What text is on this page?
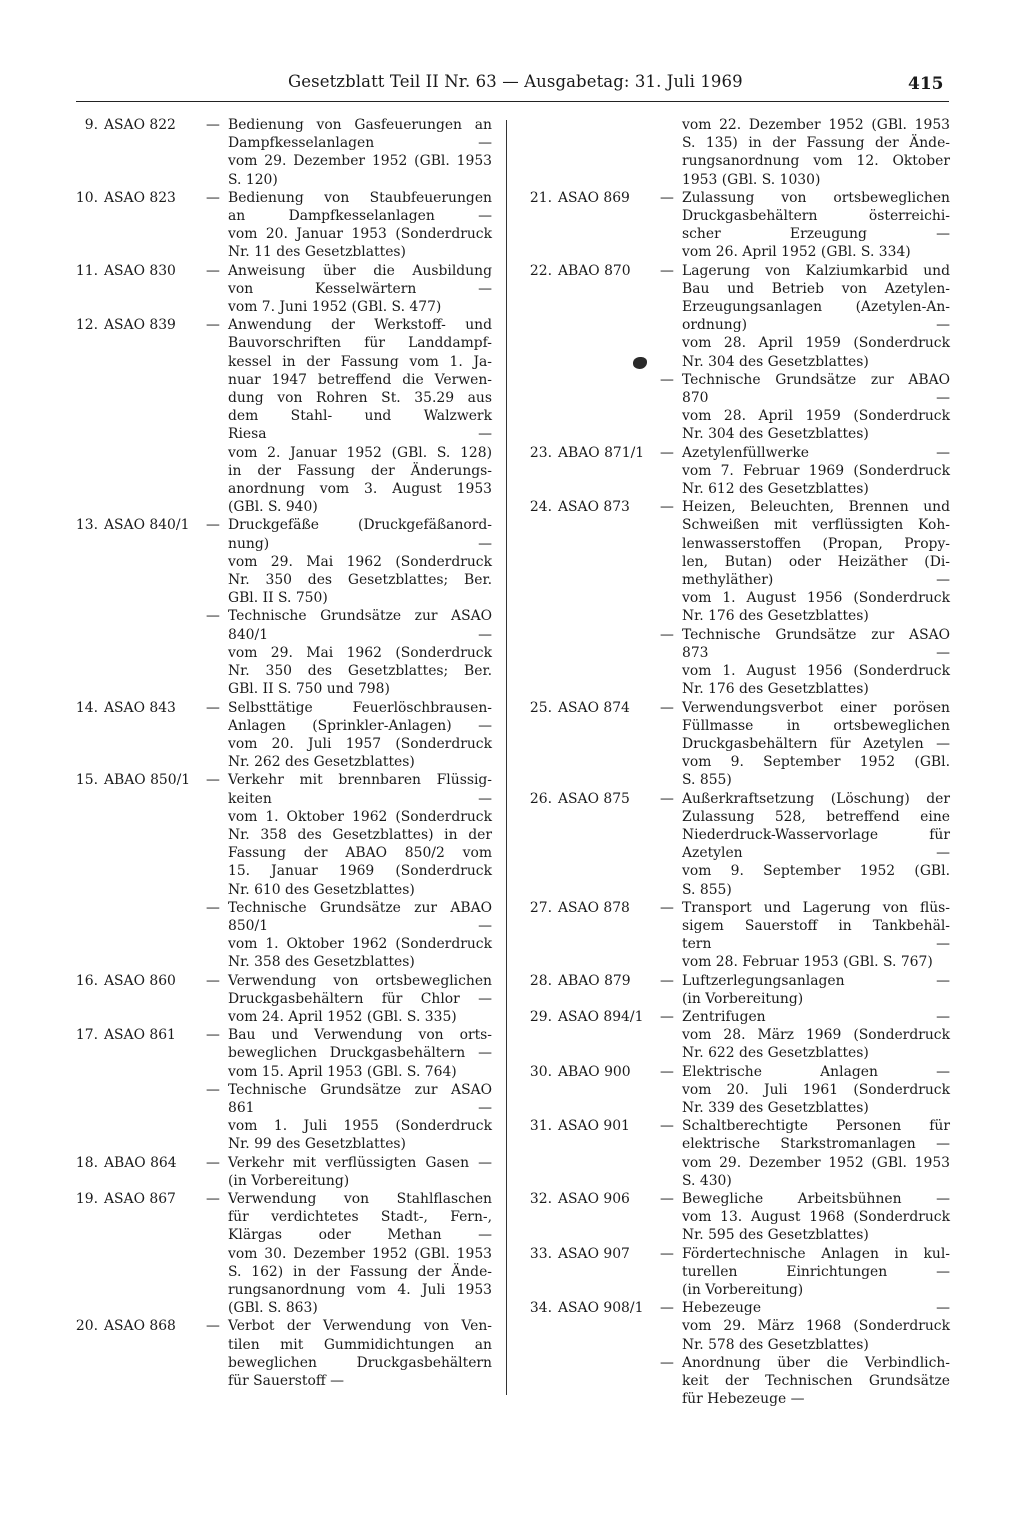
Gesetzblatt Teil II Nr. 63 — Ausgabetag: 31. Juli 1969	415
9. ASAO 822	— Bedienung von Gasfeuerungen an
Dampfkesselanlagen —
vom 29. Dezember 1952 (GBl. 1953
S. 120)
10. ASAO 823	— Bedienung von Staubfeuerungen
an Dampfkesselanlagen —
vom 20. Januar 1953 (Sonderdruck
Nr. 11 des Gesetzblattes)
11. ASAO 830	— Anweisung über die Ausbildung
von Kesselwärtern —
vom 7. Juni 1952 (GBl. S. 477)
12. ASAO 839	— Anwendung der Werkstoff- und
Bauvorschriften für Landdampf-
kessel in der Fassung vom 1. Ja-
nuar 1947 betreffend die Verwen-
dung von Rohren St. 35.29 aus
dem Stahl- und Walzwerk
Riesa —
vom 2. Januar 1952 (GBl. S. 128)
in der Fassung der Änderungs-
anordnung vom 3. August 1953
(GBl. S. 940)
13. ASAO 840/1	— Druckgefäße (Druckgefäßanord-
nung) —
vom 29. Mai 1962 (Sonderdruck
Nr. 350 des Gesetzblattes; Ber.
GBl. II S. 750)
— Technische Grundsätze zur ASAO
840/1 —
vom 29. Mai 1962 (Sonderdruck
Nr. 350 des Gesetzblattes; Ber.
GBl. II S. 750 und 798)
14. ASAO 843	— Selbsttätige Feuerlöschbrausen-
Anlagen (Sprinkler-Anlagen) —
vom 20. Juli 1957 (Sonderdruck
Nr. 262 des Gesetzblattes)
15. ABAO 850/1	— Verkehr mit brennbaren Flüssig-
keiten —
vom 1. Oktober 1962 (Sonderdruck
Nr. 358 des Gesetzblattes) in der
Fassung der ABAO 850/2 vom
15. Januar 1969 (Sonderdruck
Nr. 610 des Gesetzblattes)
— Technische Grundsätze zur ABAO
850/1 —
vom 1. Oktober 1962 (Sonderdruck
Nr. 358 des Gesetzblattes)
16. ASAO 860	— Verwendung von ortsbeweglichen
Druckgasbehältern für Chlor —
vom 24. April 1952 (GBl. S. 335)
17. ASAO 861	— Bau und Verwendung von orts-
beweglichen Druckgasbehältern —
vom 15. April 1953 (GBl. S. 764)
— Technische Grundsätze zur ASAO
861 —
vom 1. Juli 1955 (Sonderdruck
Nr. 99 des Gesetzblattes)
18. ABAO 864	— Verkehr mit verflüssigten Gasen —
(in Vorbereitung)
19. ASAO 867	— Verwendung von Stahlflaschen
für verdichtetes Stadt-, Fern-,
Klärgas oder Methan —
vom 30. Dezember 1952 (GBl. 1953
S. 162) in der Fassung der Ände-
rungsanordnung vom 4. Juli 1953
(GBl. S. 863)
20. ASAO 868	— Verbot der Verwendung von Ven-
tilen mit Gummidichtungen an
beweglichen Druckgasbehältern
für Sauerstoff —
vom 22. Dezember 1952 (GBl. 1953
S. 135) in der Fassung der Ände-
rungsanordnung vom 12. Oktober
1953 (GBl. S. 1030)
21. ASAO 869	— Zulassung von ortsbeweglichen
Druckgasbehältern österreichi-
scher Erzeugung —
vom 26. April 1952 (GBl. S. 334)
22. ABAO 870	— Lagerung von Kalziumkarbid und
Bau und Betrieb von Azetylen-
Erzeugungsanlagen (Azetylen-An-
ordnung) —
vom 28. April 1959 (Sonderdruck
Nr. 304 des Gesetzblattes)
— Technische Grundsätze zur ABAO
870 —
vom 28. April 1959 (Sonderdruck
Nr. 304 des Gesetzblattes)
23. ABAO 871/1	— Azetylenfüllwerke —
vom 7. Februar 1969 (Sonderdruck
Nr. 612 des Gesetzblattes)
24. ASAO 873	— Heizen, Beleuchten, Brennen und
Schweißen mit verflüssigten Koh-
lenwasserstoffen (Propan, Propy-
len, Butan) oder Heizäther (Di-
methyläther) —
vom 1. August 1956 (Sonderdruck
Nr. 176 des Gesetzblattes)
— Technische Grundsätze zur ASAO
873 —
vom 1. August 1956 (Sonderdruck
Nr. 176 des Gesetzblattes)
25. ASAO 874	— Verwendungsverbot einer porösen
Füllmasse in ortsbeweglichen
Druckgasbehältern für Azetylen —
vom 9. September 1952 (GBl.
S. 855)
26. ASAO 875	— Außerkraftsetzung (Löschung) der
Zulassung 528, betreffend eine
Niederdruck-Wasservorlage für
Azetylen —
vom 9. September 1952 (GBl.
S. 855)
27. ASAO 878	— Transport und Lagerung von flüs-
sigem Sauerstoff in Tankbehäl-
tern —
vom 28. Februar 1953 (GBl. S. 767)
28. ABAO 879	— Luftzerlegungsanlagen —
(in Vorbereitung)
29. ASAO 894/1	— Zentrifugen —
vom 28. März 1969 (Sonderdruck
Nr. 622 des Gesetzblattes)
30. ABAO 900	— Elektrische Anlagen —
vom 20. Juli 1961 (Sonderdruck
Nr. 339 des Gesetzblattes)
31. ASAO 901	— Schaltberechtigte Personen für
elektrische Starkstromanlagen —
vom 29. Dezember 1952 (GBl. 1953
S. 430)
32. ASAO 906	— Bewegliche Arbeitsbühnen —
vom 13. August 1968 (Sonderdruck
Nr. 595 des Gesetzblattes)
33. ASAO 907	— Fördertechnische Anlagen in kul-
turellen Einrichtungen —
(in Vorbereitung)
34. ASAO 908/1	— Hebezeuge —
vom 29. März 1968 (Sonderdruck
Nr. 578 des Gesetzblattes)
— Anordnung über die Verbindlich-
keit der Technischen Grundsätze
für Hebezeuge —
